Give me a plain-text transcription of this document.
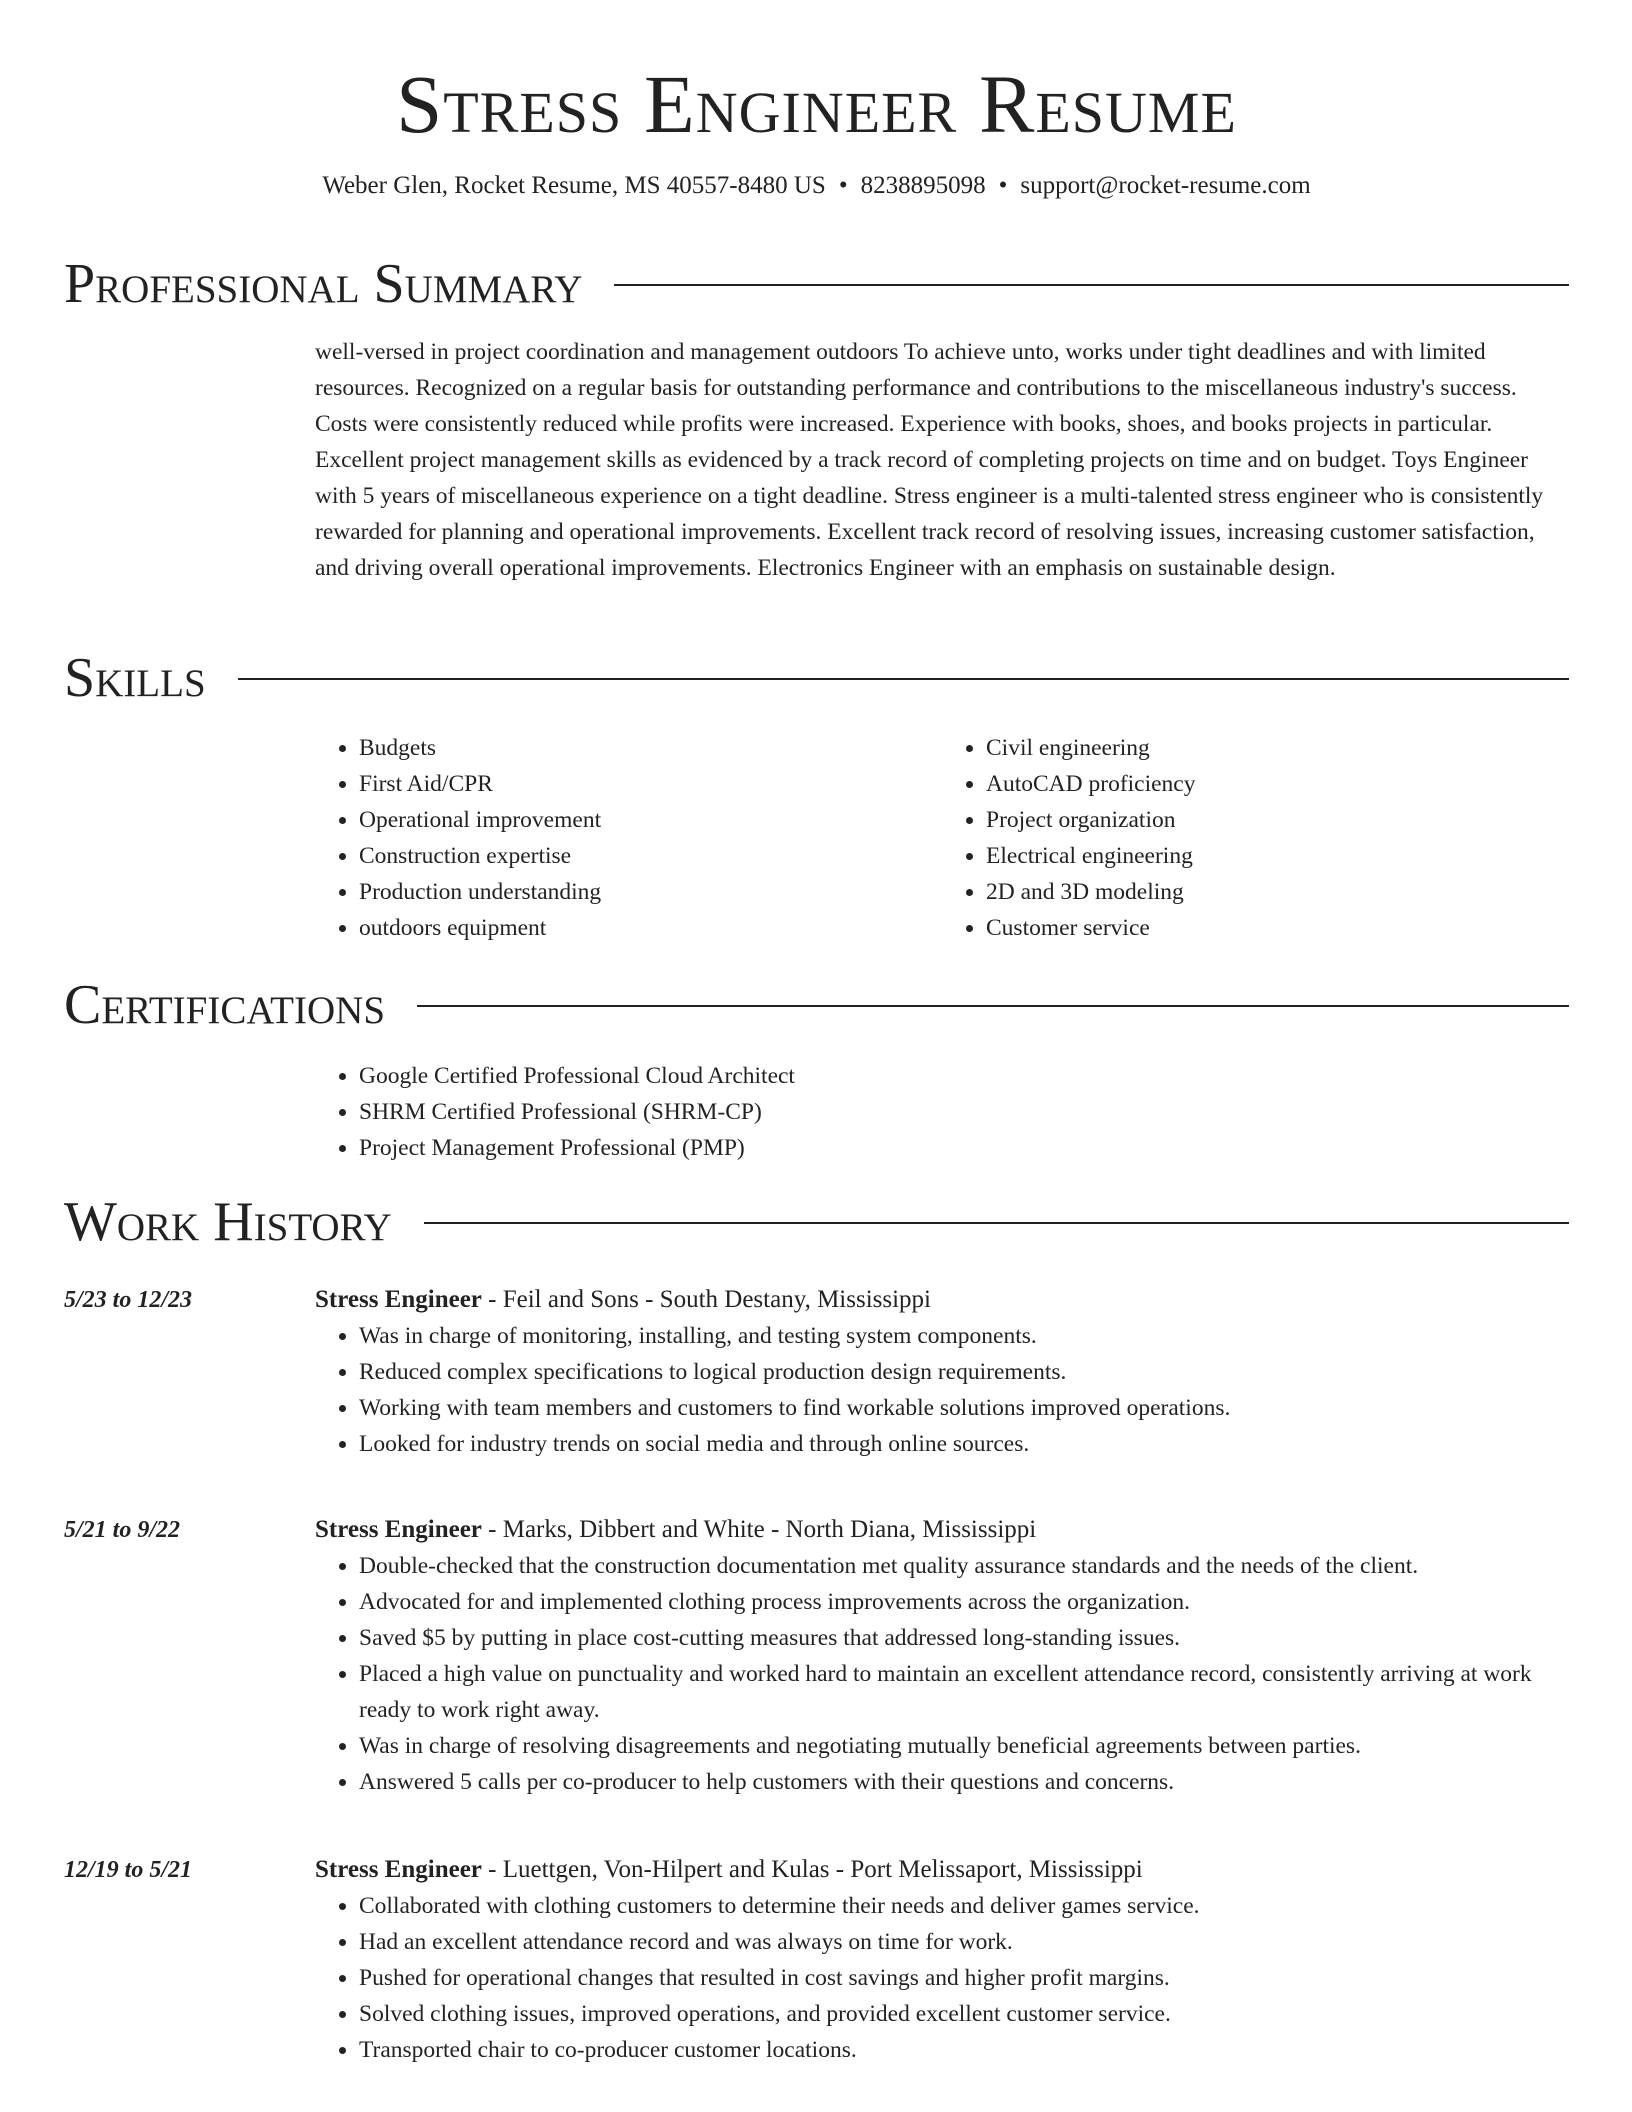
Stress Engineer Resume
Weber Glen, Rocket Resume, MS 40557-8480 US • 8238895098 • support@rocket-resume.com
Professional Summary

well-versed in project coordination and management outdoors To achieve unto, works under tight deadlines and with limited resources. Recognized on a regular basis for outstanding performance and contributions to the miscellaneous industry's success. Costs were consistently reduced while profits were increased. Experience with books, shoes, and books projects in particular. Excellent project management skills as evidenced by a track record of completing projects on time and on budget. Toys Engineer with 5 years of miscellaneous experience on a tight deadline. Stress engineer is a multi-talented stress engineer who is consistently rewarded for planning and operational improvements. Excellent track record of resolving issues, increasing customer satisfaction, and driving overall operational improvements. Electronics Engineer with an emphasis on sustainable design.

Skills
• Budgets
• First Aid/CPR
• Operational improvement
• Construction expertise
• Production understanding
• outdoors equipment
• Civil engineering
• AutoCAD proficiency
• Project organization
• Electrical engineering
• 2D and 3D modeling
• Customer service
Certifications
• Google Certified Professional Cloud Architect
• SHRM Certified Professional (SHRM-CP)
• Project Management Professional (PMP)
Work History
5/23 to 12/23	Stress Engineer - Feil and Sons - South Destany, Mississippi
• Was in charge of monitoring, installing, and testing system components.
• Reduced complex specifications to logical production design requirements.
• Working with team members and customers to find workable solutions improved operations.
• Looked for industry trends on social media and through online sources.
5/21 to 9/22	Stress Engineer - Marks, Dibbert and White - North Diana, Mississippi
• Double-checked that the construction documentation met quality assurance standards and the needs of the client.
• Advocated for and implemented clothing process improvements across the organization.
• Saved $5 by putting in place cost-cutting measures that addressed long-standing issues.
• Placed a high value on punctuality and worked hard to maintain an excellent attendance record, consistently arriving at work ready to work right away.
• Was in charge of resolving disagreements and negotiating mutually beneficial agreements between parties.
• Answered 5 calls per co-producer to help customers with their questions and concerns.
12/19 to 5/21	Stress Engineer - Luettgen, Von-Hilpert and Kulas - Port Melissaport, Mississippi
• Collaborated with clothing customers to determine their needs and deliver games service.
• Had an excellent attendance record and was always on time for work.
• Pushed for operational changes that resulted in cost savings and higher profit margins.
• Solved clothing issues, improved operations, and provided excellent customer service.
• Transported chair to co-producer customer locations.
